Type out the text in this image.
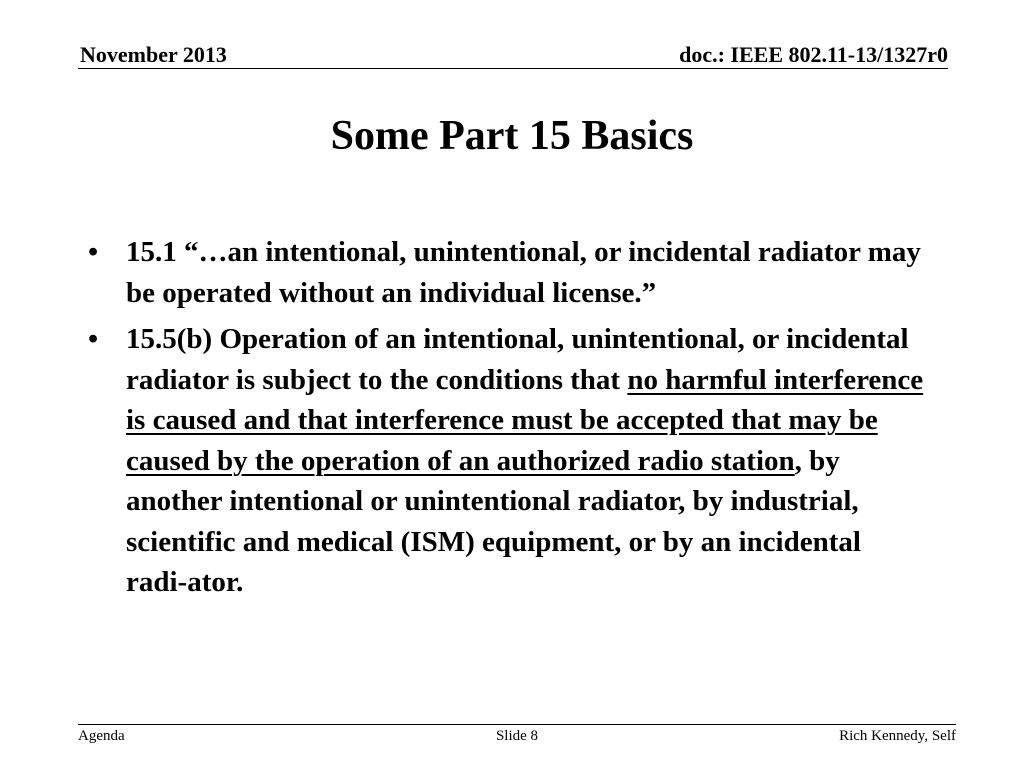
November 2013	doc.: IEEE 802.11-13/1327r0
Some Part 15 Basics
• 15.1 “…an intentional, unintentional, or incidental radiator may be operated without an individual license.”
• 15.5(b) Operation of an intentional, unintentional, or incidental radiator is subject to the conditions that no harmful interference is caused and that interference must be accepted that may be caused by the operation of an authorized radio station, by another intentional or unintentional radiator, by industrial, scientific and medical (ISM) equipment, or by an incidental radi-ator.
Agenda	Slide 8	Rich Kennedy, Self
